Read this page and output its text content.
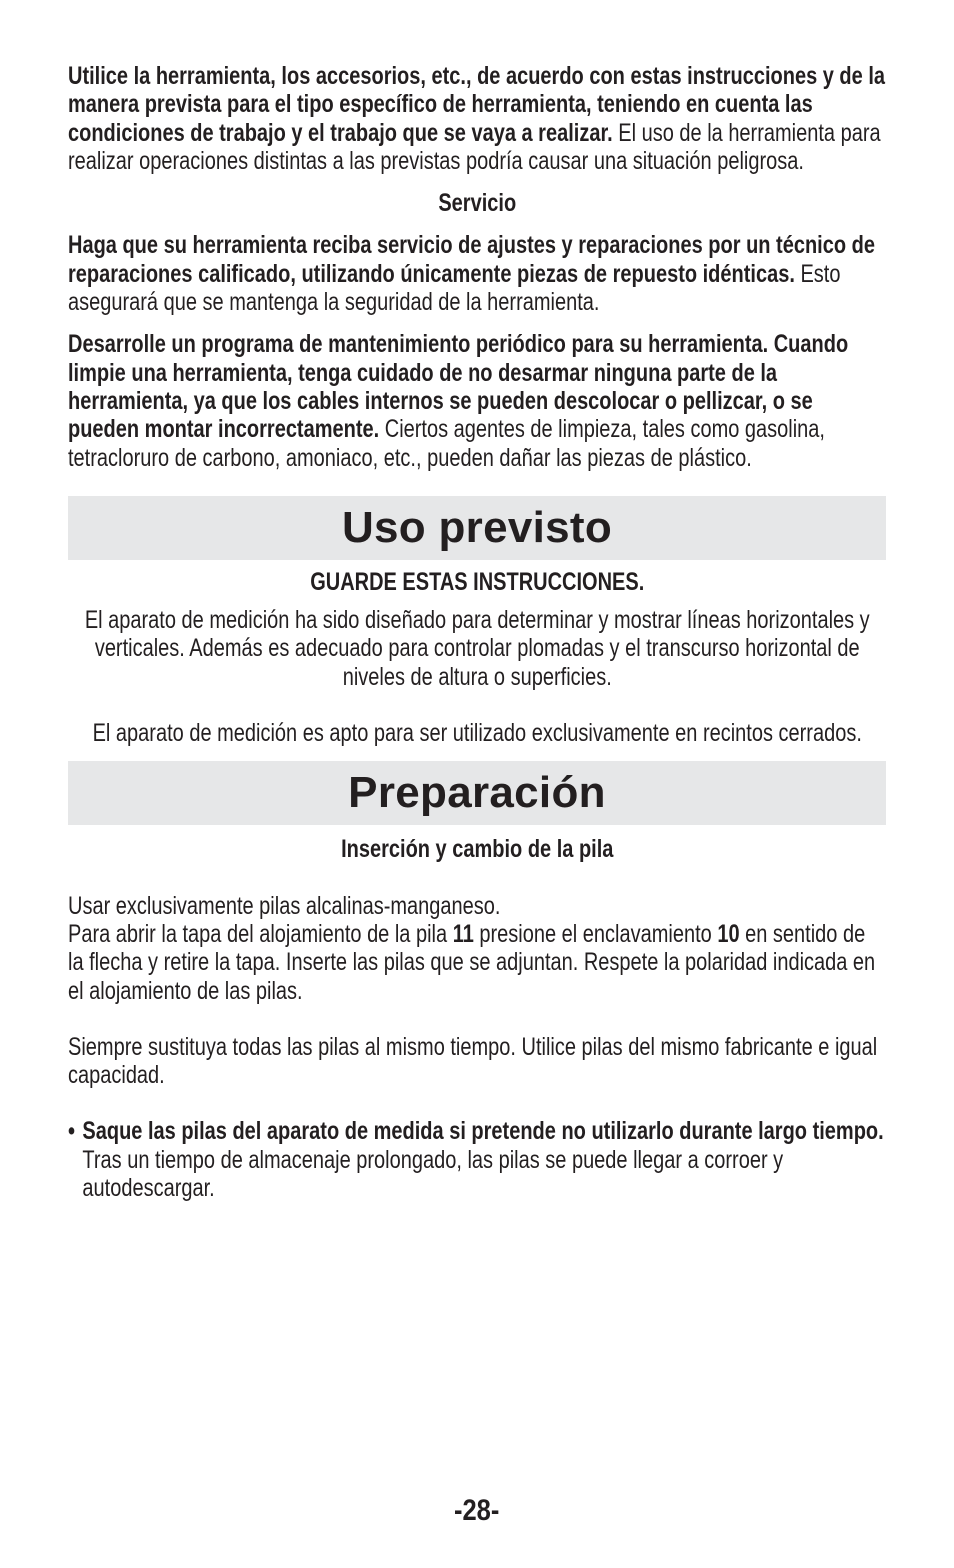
Utilice la herramienta, los accesorios, etc., de acuerdo con estas instrucciones y de la manera prevista para el tipo específico de herramienta, teniendo en cuenta las condiciones de trabajo y el trabajo que se vaya a realizar. El uso de la herramienta para realizar operaciones distintas a las previstas podría causar una situación peligrosa.

Servicio

Haga que su herramienta reciba servicio de ajustes y reparaciones por un técnico de reparaciones calificado, utilizando únicamente piezas de repuesto idénticas. Esto asegurará que se mantenga la seguridad de la herramienta.

Desarrolle un programa de mantenimiento periódico para su herramienta. Cuando limpie una herramienta, tenga cuidado de no desarmar ninguna parte de la herramienta, ya que los cables internos se pueden descolocar o pellizcar, o se pueden montar incorrectamente. Ciertos agentes de limpieza, tales como gasolina, tetracloruro de carbono, amoniaco, etc., pueden dañar las piezas de plástico.

Uso previsto

GUARDE ESTAS INSTRUCCIONES.

El aparato de medición ha sido diseñado para determinar y mostrar líneas horizontales y verticales. Además es adecuado para controlar plomadas y el transcurso horizontal de niveles de altura o superficies.

El aparato de medición es apto para ser utilizado exclusivamente en recintos cerrados.

Preparación

Inserción y cambio de la pila

Usar exclusivamente pilas alcalinas-manganeso.

Para abrir la tapa del alojamiento de la pila 11 presione el enclavamiento 10 en sentido de la flecha y retire la tapa. Inserte las pilas que se adjuntan. Respete la polaridad indicada en el alojamiento de las pilas.

Siempre sustituya todas las pilas al mismo tiempo. Utilice pilas del mismo fabricante e igual capacidad.

• Saque las pilas del aparato de medida si pretende no utilizarlo durante largo tiempo. Tras un tiempo de almacenaje prolongado, las pilas se puede llegar a corroer y autodescargar.

-28-
